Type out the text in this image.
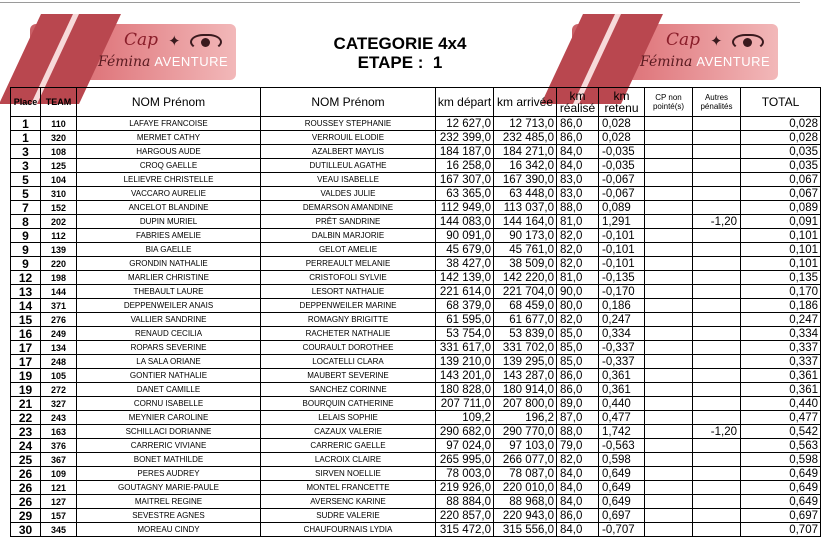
Cap ✦
Fémina AVENTURE
CATEGORIE 4x4
ETAPE :  1
Cap ✦
Fémina AVENTURE
Place	TEAM	NOM Prénom	NOM Prénom	km départ	km arrivée	km réalisé	km retenu	CP non pointé(s)	Autres pénalités	TOTAL
1	110	LAFAYE FRANCOISE	ROUSSEY STEPHANIE	12 627,0	12 713,0	86,0	0,028			0,028
1	320	MERMET CATHY	VERROUIL ELODIE	232 399,0	232 485,0	86,0	0,028			0,028
3	108	HARGOUS AUDE	AZALBERT MAYLIS	184 187,0	184 271,0	84,0	-0,035			0,035
3	125	CROQ GAELLE	DUTILLEUL AGATHE	16 258,0	16 342,0	84,0	-0,035			0,035
5	104	LELIEVRE CHRISTELLE	VEAU ISABELLE	167 307,0	167 390,0	83,0	-0,067			0,067
5	310	VACCARO AURELIE	VALDES JULIE	63 365,0	63 448,0	83,0	-0,067			0,067
7	152	ANCELOT BLANDINE	DEMARSON AMANDINE	112 949,0	113 037,0	88,0	0,089			0,089
8	202	DUPIN MURIEL	PRÊT SANDRINE	144 083,0	144 164,0	81,0	1,291		-1,20	0,091
9	112	FABRIES AMELIE	DALBIN MARJORIE	90 091,0	90 173,0	82,0	-0,101			0,101
9	139	BIA GAELLE	GELOT AMELIE	45 679,0	45 761,0	82,0	-0,101			0,101
9	220	GRONDIN NATHALIE	PERREAULT MELANIE	38 427,0	38 509,0	82,0	-0,101			0,101
12	198	MARLIER CHRISTINE	CRISTOFOLI SYLVIE	142 139,0	142 220,0	81,0	-0,135			0,135
13	144	THEBAULT LAURE	LESORT NATHALIE	221 614,0	221 704,0	90,0	-0,170			0,170
14	371	DEPPENWEILER ANAIS	DEPPENWEILER MARINE	68 379,0	68 459,0	80,0	0,186			0,186
15	276	VALLIER SANDRINE	ROMAGNY BRIGITTE	61 595,0	61 677,0	82,0	0,247			0,247
16	249	RENAUD CECILIA	RACHETER NATHALIE	53 754,0	53 839,0	85,0	0,334			0,334
17	134	ROPARS SEVERINE	COURAULT DOROTHEE	331 617,0	331 702,0	85,0	-0,337			0,337
17	248	LA SALA ORIANE	LOCATELLI CLARA	139 210,0	139 295,0	85,0	-0,337			0,337
19	105	GONTIER NATHALIE	MAUBERT SEVERINE	143 201,0	143 287,0	86,0	0,361			0,361
19	272	DANET CAMILLE	SANCHEZ CORINNE	180 828,0	180 914,0	86,0	0,361			0,361
21	327	CORNU ISABELLE	BOURQUIN CATHERINE	207 711,0	207 800,0	89,0	0,440			0,440
22	243	MEYNIER CAROLINE	LELAIS SOPHIE	109,2	196,2	87,0	0,477			0,477
23	163	SCHILLACI DORIANNE	CAZAUX VALERIE	290 682,0	290 770,0	88,0	1,742		-1,20	0,542
24	376	CARRERIC VIVIANE	CARRERIC GAELLE	97 024,0	97 103,0	79,0	-0,563			0,563
25	367	BONET MATHILDE	LACROIX CLAIRE	265 995,0	266 077,0	82,0	0,598			0,598
26	109	PERES AUDREY	SIRVEN NOELLIE	78 003,0	78 087,0	84,0	0,649			0,649
26	121	GOUTAGNY MARIE-PAULE	MONTEL FRANCETTE	219 926,0	220 010,0	84,0	0,649			0,649
26	127	MAITREL REGINE	AVERSENC KARINE	88 884,0	88 968,0	84,0	0,649			0,649
29	157	SEVESTRE AGNES	SUDRE VALERIE	220 857,0	220 943,0	86,0	0,697			0,697
30	345	MOREAU CINDY	CHAUFOURNAIS LYDIA	315 472,0	315 556,0	84,0	-0,707			0,707
